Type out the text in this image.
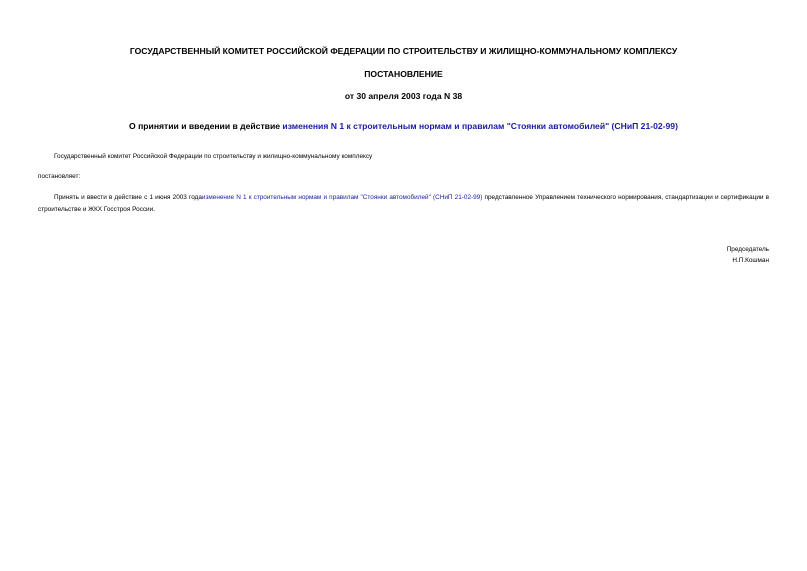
ГОСУДАРСТВЕННЫЙ КОМИТЕТ РОССИЙСКОЙ ФЕДЕРАЦИИ ПО СТРОИТЕЛЬСТВУ И ЖИЛИЩНО-КОММУНАЛЬНОМУ КОМПЛЕКСУ
ПОСТАНОВЛЕНИЕ
от 30 апреля 2003 года N 38
О принятии и введении в действие изменения N 1 к строительным нормам и правилам "Стоянки автомобилей" (СНиП 21-02-99)
Государственный комитет Российской Федерации по строительству и жилищно-коммунальному комплексу
постановляет:
Принять и ввести в действие с 1 июня 2003 годаизменение N 1 к строительным нормам и правилам "Стоянки автомобилей" (СНиП 21-02-99) представленное Управлением технического нормирования, стандартизации и сертификации в строительстве и ЖКХ Госстроя России.
Председатель
Н.П.Кошман
